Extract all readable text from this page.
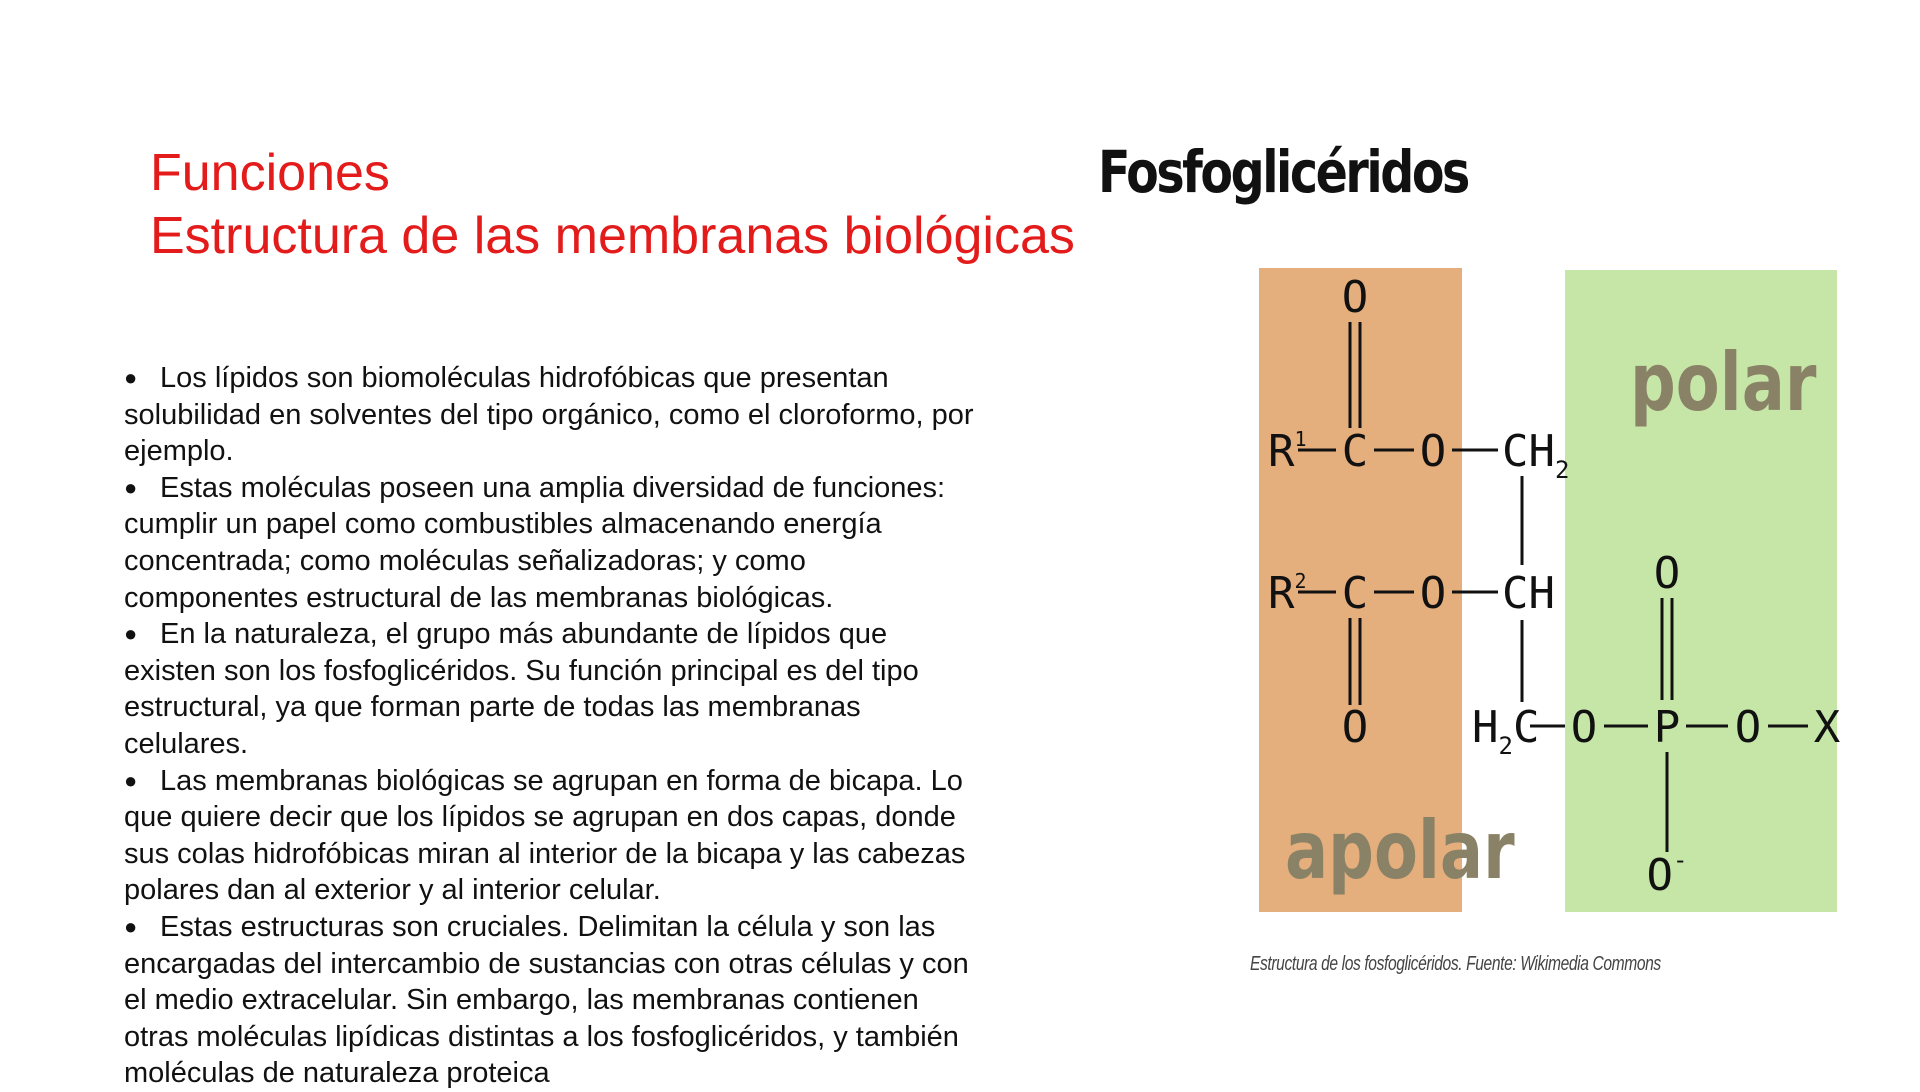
Funciones
Estructura de las membranas biológicas

● Los lípidos son biomoléculas hidrofóbicas que presentan solubilidad en solventes del tipo orgánico, como el cloroformo, por ejemplo.

● Estas moléculas poseen una amplia diversidad de funciones: cumplir un papel como combustibles almacenando energía concentrada; como moléculas señalizadoras; y como componentes estructural de las membranas biológicas.

● En la naturaleza, el grupo más abundante de lípidos que existen son los fosfoglicéridos. Su función principal es del tipo estructural, ya que forman parte de todas las membranas celulares.

● Las membranas biológicas se agrupan en forma de bicapa. Lo que quiere decir que los lípidos se agrupan en dos capas, donde sus colas hidrofóbicas miran al interior de la bicapa y las cabezas polares dan al exterior y al interior celular.

● Estas estructuras son cruciales. Delimitan la célula y son las encargadas del intercambio de sustancias con otras células y con el medio extracelular. Sin embargo, las membranas contienen otras moléculas lipídicas distintas a los fosfoglicéridos, y también moléculas de naturaleza proteica

Fosfoglicéridos
polar
apolar
O
$R^1$ C O $CH_2$
$R^2$ C O CH O
O $H_2C$ O P O X
O-
Estructura de los fosfoglicéridos. Fuente: Wikimedia Commons
